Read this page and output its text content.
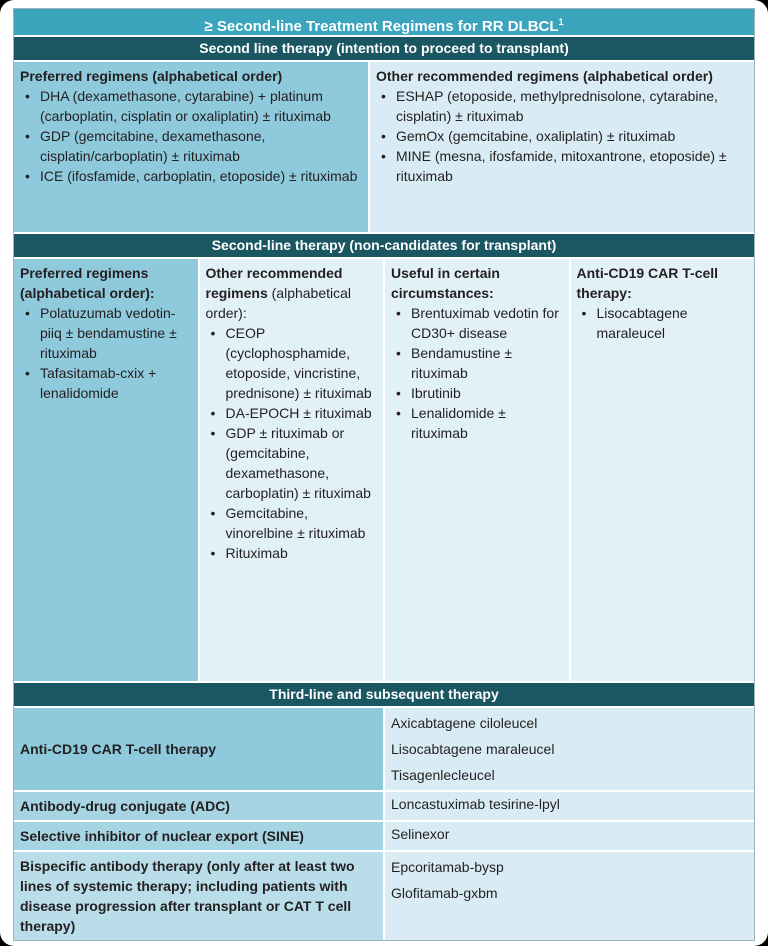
≥ Second-line Treatment Regimens for RR DLBCL$^1$
Second line therapy (intention to proceed to transplant)
Preferred regimens (alphabetical order)
• DHA (dexamethasone, cytarabine) + platinum (carboplatin, cisplatin or oxaliplatin) ± rituximab
• GDP (gemcitabine, dexamethasone, cisplatin/carboplatin) ± rituximab
• ICE (ifosfamide, carboplatin, etoposide) ± rituximab
Other recommended regimens (alphabetical order)
• ESHAP (etoposide, methylprednisolone, cytarabine, cisplatin) ± rituximab
• GemOx (gemcitabine, oxaliplatin) ± rituximab
• MINE (mesna, ifosfamide, mitoxantrone, etoposide) ± rituximab
Second-line therapy (non-candidates for transplant)
Preferred regimens (alphabetical order):
• Polatuzumab vedotin-piiq ± bendamustine ± rituximab
• Tafasitamab-cxix + lenalidomide
Other recommended regimens (alphabetical order):
• CEOP (cyclophosphamide, etoposide, vincristine, prednisone) ± rituximab
• DA-EPOCH ± rituximab
• GDP ± rituximab or (gemcitabine, dexamethasone, carboplatin) ± rituximab
• Gemcitabine, vinorelbine ± rituximab
• Rituximab
Useful in certain circumstances:
• Brentuximab vedotin for CD30+ disease
• Bendamustine ± rituximab
• Ibrutinib
• Lenalidomide ± rituximab
Anti-CD19 CAR T-cell therapy:
• Lisocabtagene maraleucel
Third-line and subsequent therapy
Anti-CD19 CAR T-cell therapy
Axicabtagene ciloleucel
Lisocabtagene maraleucel
Tisagenlecleucel
Antibody-drug conjugate (ADC)	Loncastuximab tesirine-lpyl
Selective inhibitor of nuclear export (SINE)	Selinexor
Bispecific antibody therapy (only after at least two lines of systemic therapy; including patients with disease progression after transplant or CAT T cell therapy)
Epcoritamab-bysp
Glofitamab-gxbm
